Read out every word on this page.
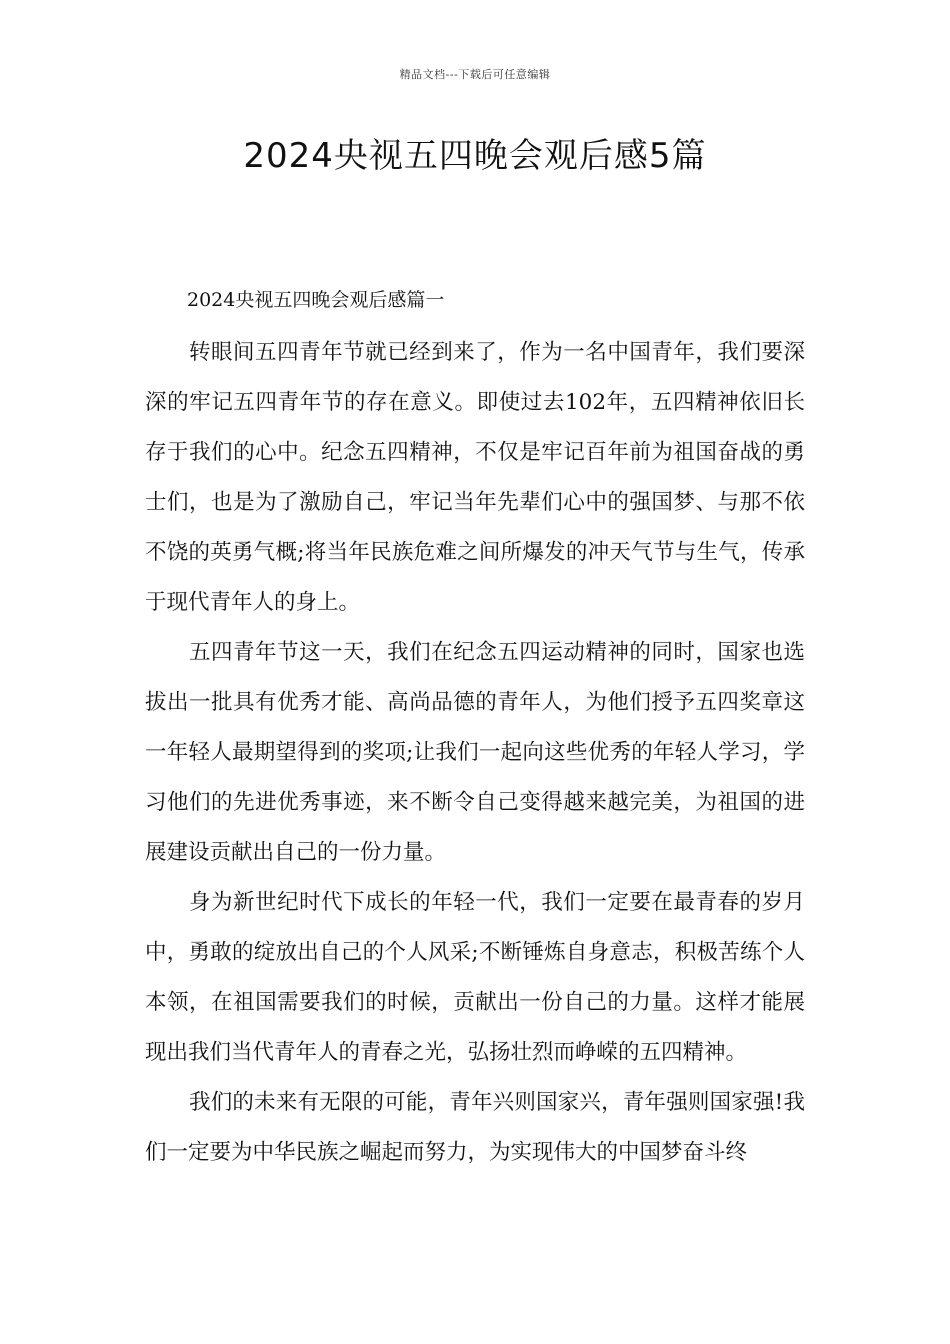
精品文档---下载后可任意编辑
2024央视五四晚会观后感5篇

2024央视五四晚会观后感篇一

转眼间五四青年节就已经到来了，作为一名中国青年，我们要深深的牢记五四青年节的存在意义。即使过去102年，五四精神依旧长存于我们的心中。纪念五四精神，不仅是牢记百年前为祖国奋战的勇士们，也是为了激励自己，牢记当年先辈们心中的强国梦、与那不依不饶的英勇气概;将当年民族危难之间所爆发的冲天气节与生气，传承于现代青年人的身上。

五四青年节这一天，我们在纪念五四运动精神的同时，国家也选拔出一批具有优秀才能、高尚品德的青年人，为他们授予五四奖章这一年轻人最期望得到的奖项;让我们一起向这些优秀的年轻人学习，学习他们的先进优秀事迹，来不断令自己变得越来越完美，为祖国的进展建设贡献出自己的一份力量。

身为新世纪时代下成长的年轻一代，我们一定要在最青春的岁月中，勇敢的绽放出自己的个人风采;不断锤炼自身意志，积极苦练个人本领，在祖国需要我们的时候，贡献出一份自己的力量。这样才能展现出我们当代青年人的青春之光，弘扬壮烈而峥嵘的五四精神。

我们的未来有无限的可能，青年兴则国家兴，青年强则国家强!我们一定要为中华民族之崛起而努力，为实现伟大的中国梦奋斗终
